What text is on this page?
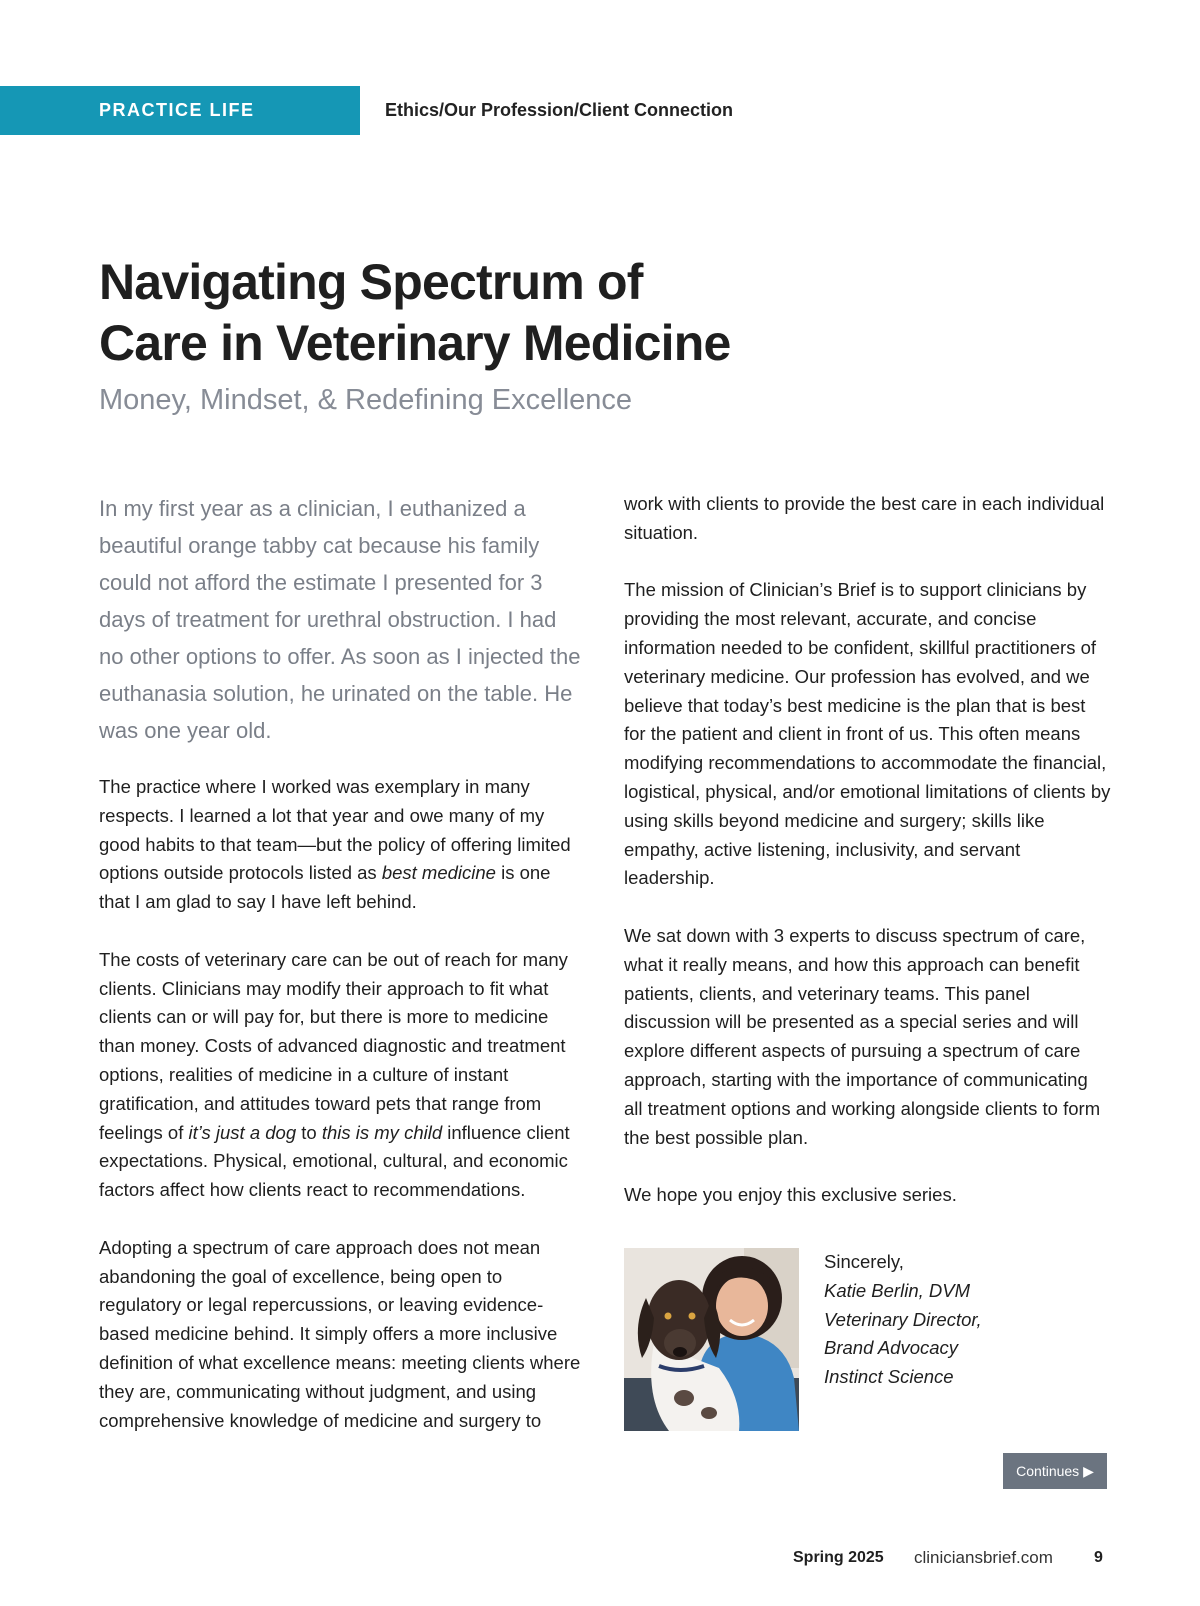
PRACTICE LIFE	Ethics/Our Profession/Client Connection
Navigating Spectrum of
Care in Veterinary Medicine
Money, Mindset, & Redefining Excellence

In my first year as a clinician, I euthanized a beautiful orange tabby cat because his family could not afford the estimate I presented for 3 days of treatment for urethral obstruction. I had no other options to offer. As soon as I injected the euthanasia solution, he urinated on the table. He was one year old.

The practice where I worked was exemplary in many respects. I learned a lot that year and owe many of my good habits to that team—but the policy of offering limited options outside protocols listed as best medicine is one that I am glad to say I have left behind.

The costs of veterinary care can be out of reach for many clients. Clinicians may modify their approach to fit what clients can or will pay for, but there is more to medicine than money. Costs of advanced diagnostic and treatment options, realities of medicine in a culture of instant gratification, and attitudes toward pets that range from feelings of it’s just a dog to this is my child influence client expectations. Physical, emotional, cultural, and economic factors affect how clients react to recommendations.

Adopting a spectrum of care approach does not mean abandoning the goal of excellence, being open to regulatory or legal repercussions, or leaving evidence-based medicine behind. It simply offers a more inclusive definition of what excellence means: meeting clients where they are, communicating without judgment, and using comprehensive knowledge of medicine and surgery to

work with clients to provide the best care in each individual situation.

The mission of Clinician’s Brief is to support clinicians by providing the most relevant, accurate, and concise information needed to be confident, skillful practitioners of veterinary medicine. Our profession has evolved, and we believe that today’s best medicine is the plan that is best for the patient and client in front of us. This often means modifying recommendations to accommodate the financial, logistical, physical, and/or emotional limitations of clients by using skills beyond medicine and surgery; skills like empathy, active listening, inclusivity, and servant leadership.

We sat down with 3 experts to discuss spectrum of care, what it really means, and how this approach can benefit patients, clients, and veterinary teams. This panel discussion will be presented as a special series and will explore different aspects of pursuing a spectrum of care approach, starting with the importance of communicating all treatment options and working alongside clients to form the best possible plan.

We hope you enjoy this exclusive series.

Sincerely,
Katie Berlin, DVM
Veterinary Director,
Brand Advocacy
Instinct Science
Continues ▶
Spring 2025 cliniciansbrief.com	9
